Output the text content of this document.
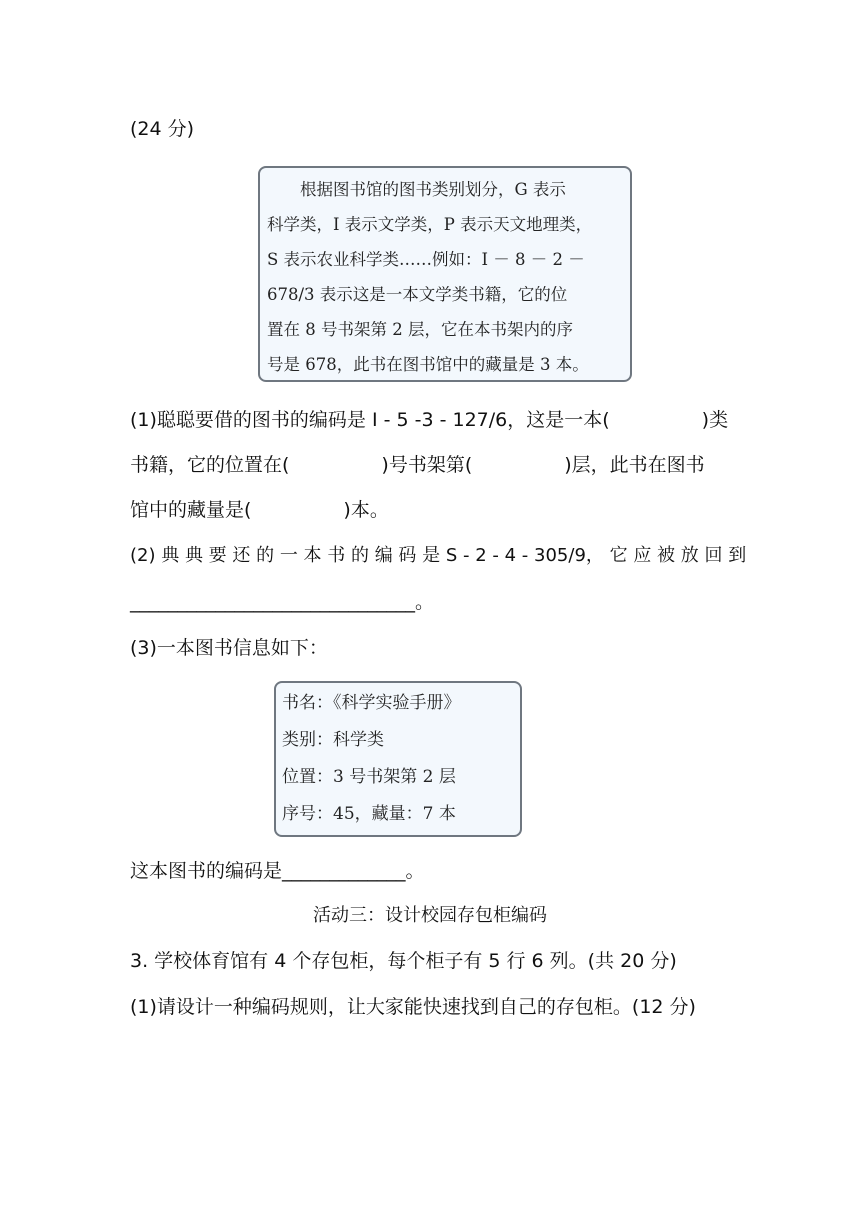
(24 分)
根据图书馆的图书类别划分，G 表示
科学类，I 表示文学类，P 表示天文地理类，
S 表示农业科学类……例如：I － 8 － 2 －
678/3 表示这是一本文学类书籍，它的位
置在 8 号书架第 2 层，它在本书架内的序
号是 678，此书在图书馆中的藏量是 3 本。
(1)聪聪要借的图书的编码是 I - 5 -3 - 127/6，这是一本(	)类
书籍，它的位置在(	)号书架第(	)层，此书在图书
馆中的藏量是(	)本。
(2) 典 典 要 还 的 一 本 书 的 编 码 是 S - 2 - 4 - 305/9， 它 应 被 放 回 到
______________________________。
(3)一本图书信息如下：
书名：《科学实验手册》
类别：科学类
位置：3 号书架第 2 层
序号：45，藏量：7 本
这本图书的编码是_____________。
活动三：设计校园存包柜编码
3. 学校体育馆有 4 个存包柜，每个柜子有 5 行 6 列。(共 20 分)
(1)请设计一种编码规则，让大家能快速找到自己的存包柜。(12 分)
